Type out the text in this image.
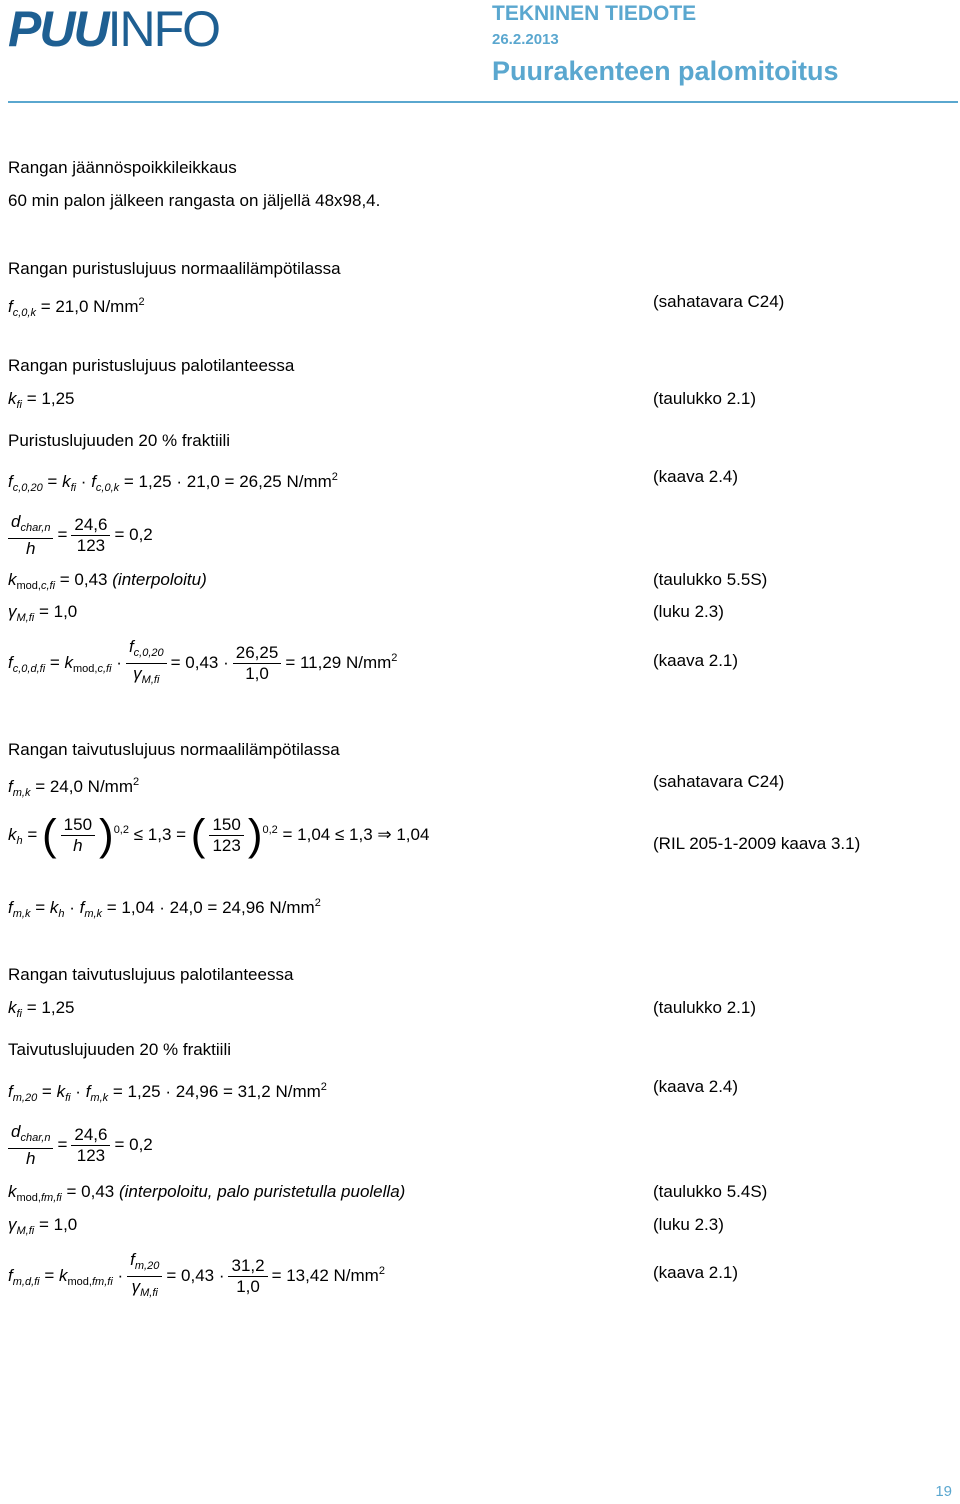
PUUINFO	TEKNINEN TIEDOTE
26.2.2013
Puurakenteen palomitoitus
Rangan jäännöspoikkileikkaus
60 min palon jälkeen rangasta on jäljellä 48x98,4.
Rangan puristuslujuus normaalilämpötilassa
$f_{c,0,k} = 21,0$ $N/mm^2$	(sahatavara C24)
Rangan puristuslujuus palotilanteessa
$k_{fi} = 1,25$	(taulukko 2.1)
Puristuslujuuden 20 % fraktiili
$f_{c,0,20} = k_{fi} \cdot f_{c,0,k} = 1,25 \cdot 21,0 = 26,25$ $N/mm^2$	(kaava 2.4)
$\frac{d_{char,n}}{h} = \frac{24,6}{123} = 0,2$
$k_{mod,c,fi} = 0,43$ (interpoloitu)	(taulukko 5.5S)
$\gamma_{M,fi} = 1,0$	(luku 2.3)
$f_{c,0,d,fi} = k_{mod,c,fi} \cdot \frac{f_{c,0,20}}{\gamma_{M,fi}} = 0,43 \cdot \frac{26,25}{1,0} = 11,29$ $N/mm^2$	(kaava 2.1)
Rangan taivutuslujuus normaalilämpötilassa
$f_{m,k} = 24,0$ $N/mm^2$	(sahatavara C24)
$k_h$ = ( $\frac{150}{h} )^{0,2} \le 1,3$ = ( $\frac{150}{123} )^{0,2} = 1,04 \le 1,3$ ⇒ 1,04	(RIL 205-1-2009 kaava 3.1)
$f_{m,k} = k_h \cdot f_{m,k} = 1,04 \cdot 24,0 = 24,96$ $N/mm^2$
Rangan taivutuslujuus palotilanteessa
$k_{fi} = 1,25$	(taulukko 2.1)
Taivutuslujuuden 20 % fraktiili
$f_{m,20} = k_{fi} \cdot f_{m,k} = 1,25 \cdot 24,96 = 31,2$ $N/mm^2$	(kaava 2.4)
$\frac{d_{char,n}}{h} = \frac{24,6}{123} = 0,2$
$k_{mod,fm,fi} = 0,43$ (interpoloitu, palo puristetulla puolella)	(taulukko 5.4S)
$\gamma_{M,fi} = 1,0$	(luku 2.3)
$f_{m,d,fi} = k_{mod,fm,fi} \cdot \frac{f_{m,20}}{\gamma_{M,fi}} = 0,43 \cdot \frac{31,2}{1,0} = 13,42$ $N/mm^2$	(kaava 2.1)
19
